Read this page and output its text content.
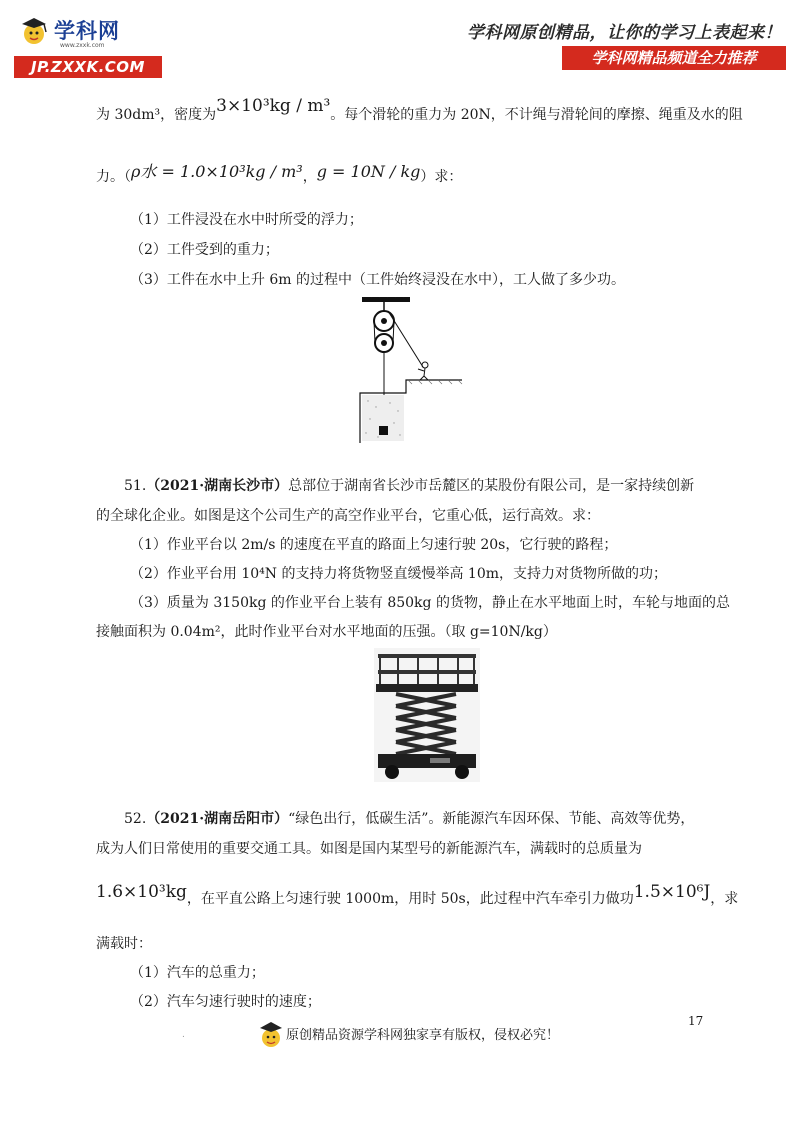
学科网
www.zxxk.com
JP.ZXXK.COM
学科网原创精品，让你的学习上表起来！
学科网精品频道全力推荐
为 30dm³，密度为3×10³kg / m³。每个滑轮的重力为 20N，不计绳与滑轮间的摩擦、绳重及水的阻
力。（ρ水 = 1.0×10³kg / m³，g = 10N / kg）求：
（1）工件浸没在水中时所受的浮力；
（2）工件受到的重力；
（3）工件在水中上升 6m 的过程中（工件始终浸没在水中），工人做了多少功。
51.（2021·湖南长沙市）总部位于湖南省长沙市岳麓区的某股份有限公司，是一家持续创新
的全球化企业。如图是这个公司生产的高空作业平台，它重心低，运行高效。求：
（1）作业平台以 2m/s 的速度在平直的路面上匀速行驶 20s，它行驶的路程；
（2）作业平台用 10⁴N 的支持力将货物竖直缓慢举高 10m，支持力对货物所做的功；
（3）质量为 3150kg 的作业平台上装有 850kg 的货物，静止在水平地面上时，车轮与地面的总
接触面积为 0.04m²，此时作业平台对水平地面的压强。（取 g=10N/kg）
52.（2021·湖南岳阳市）“绿色出行，低碳生活”。新能源汽车因环保、节能、高效等优势，
成为人们日常使用的重要交通工具。如图是国内某型号的新能源汽车，满载时的总质量为
1.6×10³kg，在平直公路上匀速行驶 1000m，用时 50s，此过程中汽车牵引力做功1.5×10⁶J，求
满载时：
（1）汽车的总重力；
（2）汽车匀速行驶时的速度；
17
.	原创精品资源学科网独家享有版权，侵权必究！
